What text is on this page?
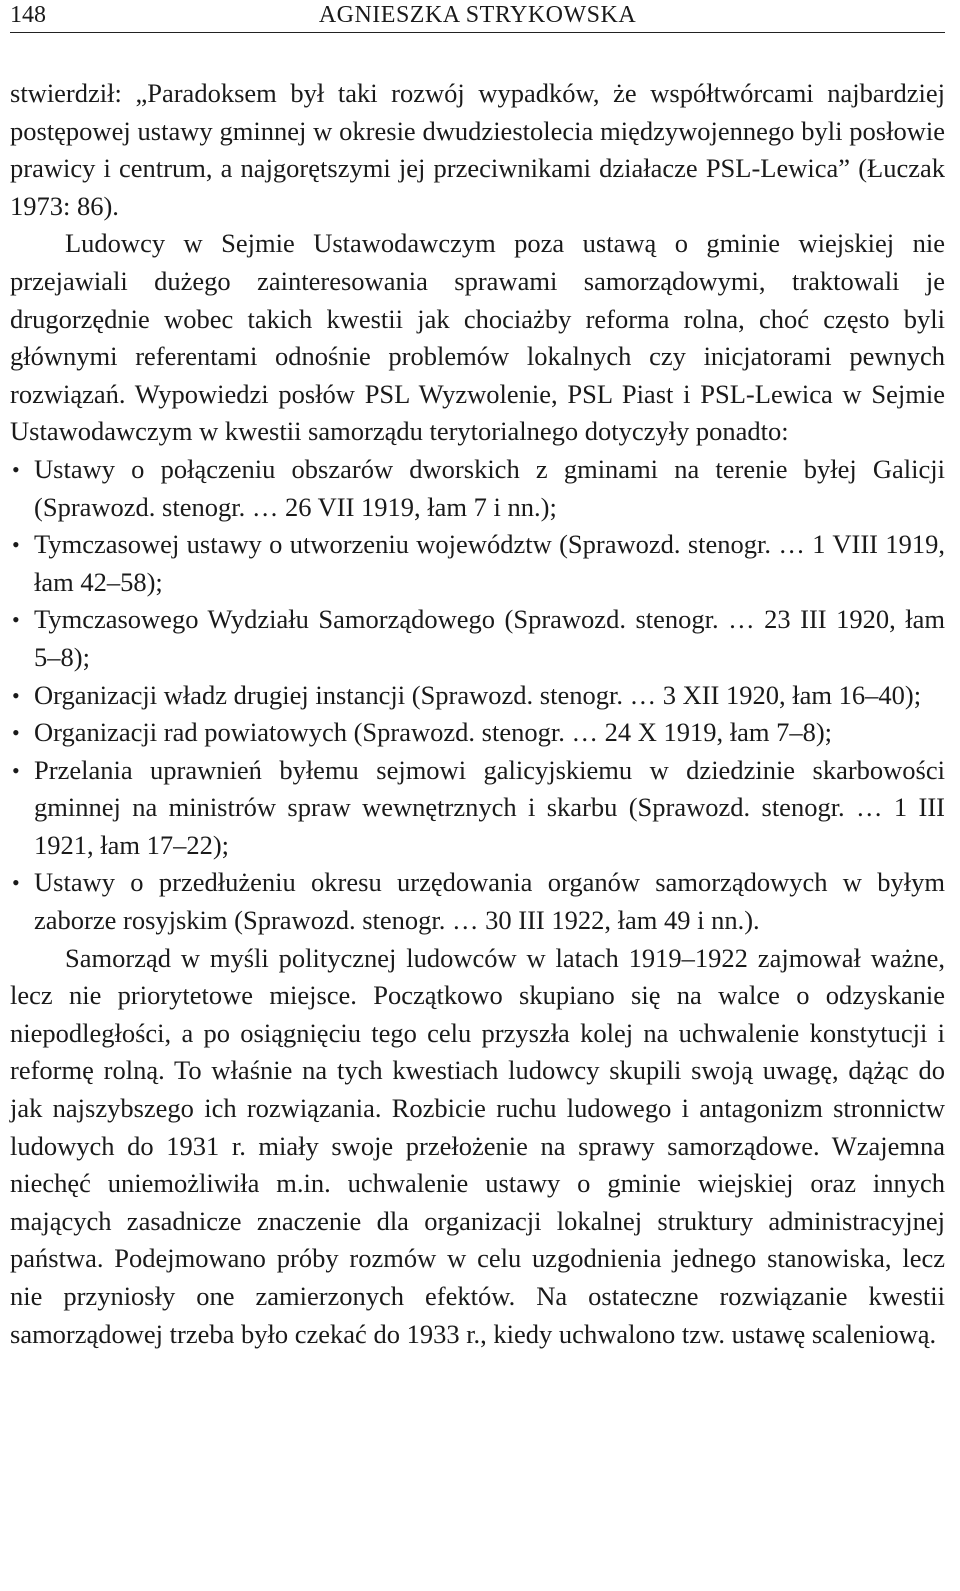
148	AGNIESZKA STRYKOWSKA

stwierdził: „Paradoksem był taki rozwój wypadków, że współtwórcami najbardziej postępowej ustawy gminnej w okresie dwudziestolecia międzywojennego byli posłowie prawicy i centrum, a najgorętszymi jej przeciwnikami działacze PSL-Lewica” (Łuczak 1973: 86).

Ludowcy w Sejmie Ustawodawczym poza ustawą o gminie wiejskiej nie przejawiali dużego zainteresowania sprawami samorządowymi, traktowali je drugorzędnie wobec takich kwestii jak chociażby reforma rolna, choć często byli głównymi referentami odnośnie problemów lokalnych czy inicjatorami pewnych rozwiązań. Wypowiedzi posłów PSL Wyzwolenie, PSL Piast i PSL-Lewica w Sejmie Ustawodawczym w kwestii samorządu terytorialnego dotyczyły ponadto:

• Ustawy o połączeniu obszarów dworskich z gminami na terenie byłej Galicji (Sprawozd. stenogr. … 26 VII 1919, łam 7 i nn.);
• Tymczasowej ustawy o utworzeniu województw (Sprawozd. stenogr. … 1 VIII 1919, łam 42–58);
• Tymczasowego Wydziału Samorządowego (Sprawozd. stenogr. … 23 III 1920, łam 5–8);
• Organizacji władz drugiej instancji (Sprawozd. stenogr. … 3 XII 1920, łam 16–40);
• Organizacji rad powiatowych (Sprawozd. stenogr. … 24 X 1919, łam 7–8);
• Przelania uprawnień byłemu sejmowi galicyjskiemu w dziedzinie skarbowości gminnej na ministrów spraw wewnętrznych i skarbu (Sprawozd. stenogr. … 1 III 1921, łam 17–22);
• Ustawy o przedłużeniu okresu urzędowania organów samorządowych w byłym zaborze rosyjskim (Sprawozd. stenogr. … 30 III 1922, łam 49 i nn.).

Samorząd w myśli politycznej ludowców w latach 1919–1922 zajmował ważne, lecz nie priorytetowe miejsce. Początkowo skupiano się na walce o odzyskanie niepodległości, a po osiągnięciu tego celu przyszła kolej na uchwalenie konstytucji i reformę rolną. To właśnie na tych kwestiach ludowcy skupili swoją uwagę, dążąc do jak najszybszego ich rozwiązania. Rozbicie ruchu ludowego i antagonizm stronnictw ludowych do 1931 r. miały swoje przełożenie na sprawy samorządowe. Wzajemna niechęć uniemożliwiła m.in. uchwalenie ustawy o gminie wiejskiej oraz innych mających zasadnicze znaczenie dla organizacji lokalnej struktury administracyjnej państwa. Podejmowano próby rozmów w celu uzgodnienia jednego stanowiska, lecz nie przyniosły one zamierzonych efektów. Na ostateczne rozwiązanie kwestii samorządowej trzeba było czekać do 1933 r., kiedy uchwalono tzw. ustawę scaleniową.
